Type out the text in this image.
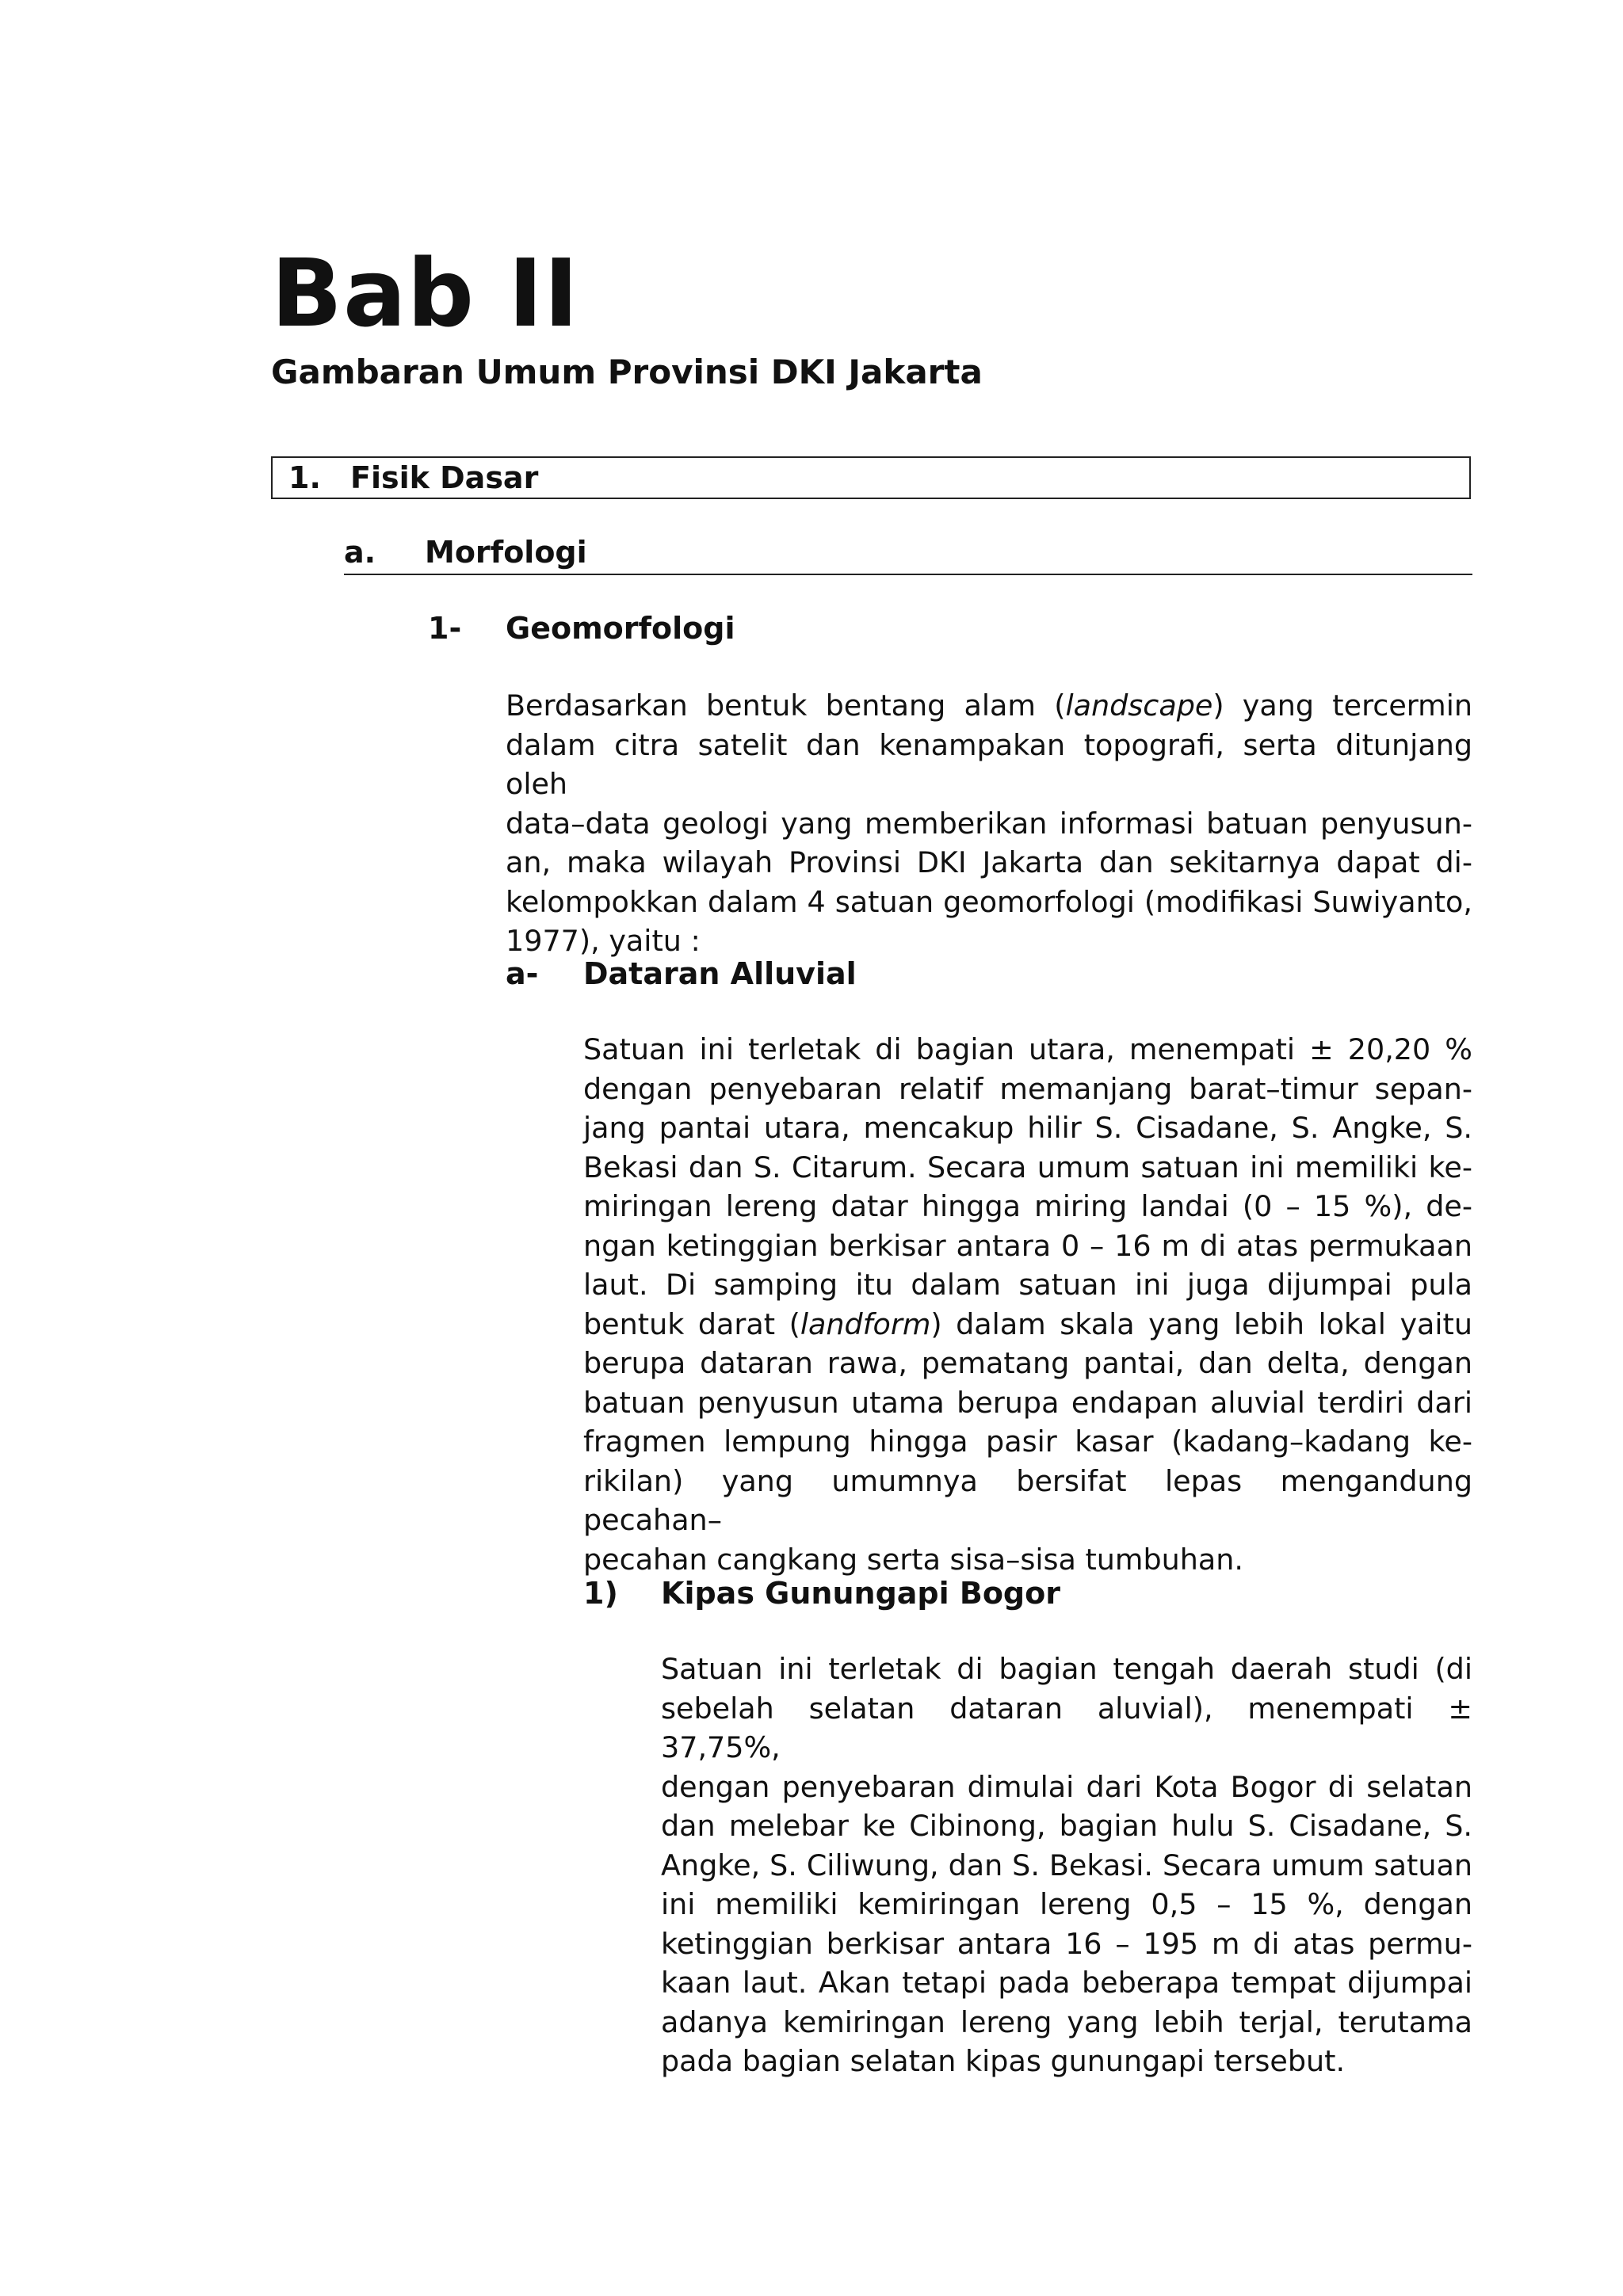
Bab II
Gambaran Umum Provinsi DKI Jakarta
1. Fisik Dasar
a.	Morfologi
1-	Geomorfologi
Berdasarkan bentuk bentang alam (landscape) yang tercermin
dalam citra satelit dan kenampakan topografi, serta ditunjang oleh
data–data geologi yang memberikan informasi batuan penyusun-
an, maka wilayah Provinsi DKI Jakarta dan sekitarnya dapat di-
kelompokkan dalam 4 satuan geomorfologi (modifikasi Suwiyanto,
1977), yaitu :
a-	Dataran Alluvial
Satuan ini terletak di bagian utara, menempati ± 20,20 %
dengan penyebaran relatif memanjang barat–timur sepan-
jang pantai utara, mencakup hilir S. Cisadane, S. Angke, S.
Bekasi dan S. Citarum. Secara umum satuan ini memiliki ke-
miringan lereng datar hingga miring landai (0 – 15 %), de-
ngan ketinggian berkisar antara 0 – 16 m di atas permukaan
laut. Di samping itu dalam satuan ini juga dijumpai pula
bentuk darat (landform) dalam skala yang lebih lokal yaitu
berupa dataran rawa, pematang pantai, dan delta, dengan
batuan penyusun utama berupa endapan aluvial terdiri dari
fragmen lempung hingga pasir kasar (kadang–kadang ke-
rikilan) yang umumnya bersifat lepas mengandung pecahan–
pecahan cangkang serta sisa–sisa tumbuhan.
1)	Kipas Gunungapi Bogor
Satuan ini terletak di bagian tengah daerah studi (di
sebelah selatan dataran aluvial), menempati ± 37,75%,
dengan penyebaran dimulai dari Kota Bogor di selatan
dan melebar ke Cibinong, bagian hulu S. Cisadane, S.
Angke, S. Ciliwung, dan S. Bekasi. Secara umum satuan
ini memiliki kemiringan lereng 0,5 – 15 %, dengan
ketinggian berkisar antara 16 – 195 m di atas permu-
kaan laut. Akan tetapi pada beberapa tempat dijumpai
adanya kemiringan lereng yang lebih terjal, terutama
pada bagian selatan kipas gunungapi tersebut.
